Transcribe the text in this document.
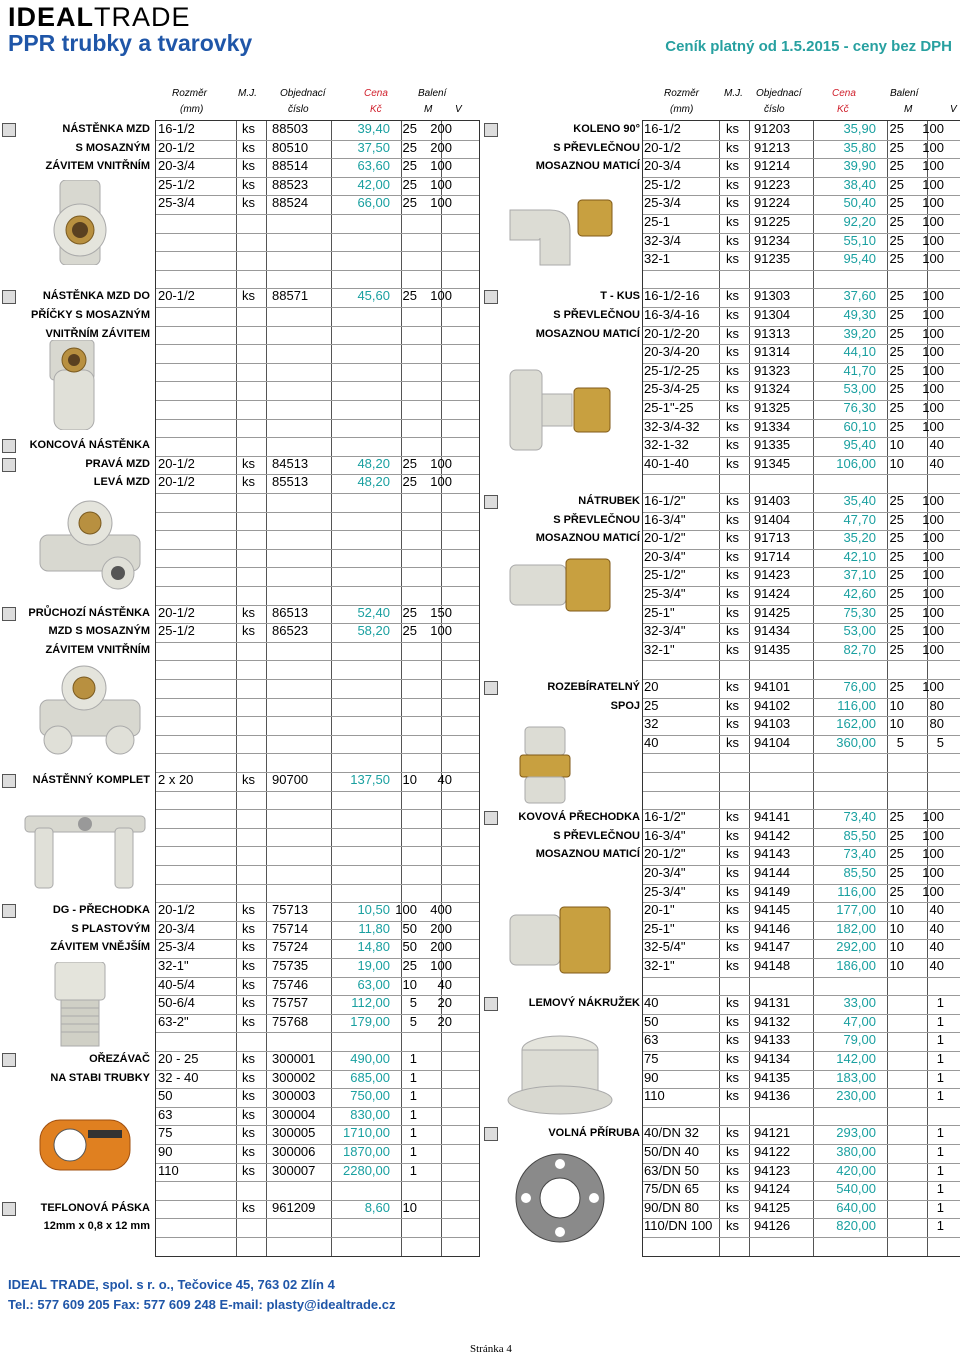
IDEALTRADE
PPR trubky a tvarovky	Ceník platný od 1.5.2015 - ceny bez DPH
Rozměr
(mm)
M.J. Objednací
číslo
Cena
Kč
Balení
M V
Rozměr
(mm)
M.J. Objednací
číslo
Cena
Kč
Balení
M	V
NÁSTĚNKA MZD
S MOSAZNÝM
ZÁVITEM VNITŘNÍM
16-1/2	ks 88503	39,40 25	200
20-1/2	ks 80510	37,50 25	200
20-3/4	ks 88514	63,60 25	100
25-1/2	ks 88523	42,00 25	100
25-3/4	ks 88524	66,00 25	100
NÁSTĚNKA MZD DO
PŘÍČKY S MOSAZNÝM
VNITŘNÍM ZÁVITEM
20-1/2	ks 88571	45,60 25	100
KONCOVÁ NÁSTĚNKA
PRAVÁ MZD
LEVÁ MZD
20-1/2	ks 84513	48,20 25	100
20-1/2	ks 85513	48,20 25	100
PRŮCHOZÍ NÁSTĚNKA
MZD S MOSAZNÝM
ZÁVITEM VNITŘNÍM
20-1/2	ks 86513	52,40 25	150
25-1/2	ks 86523	58,20 25	100
NÁSTĚNNÝ KOMPLET 2 x 20	ks 90700	137,50 10	40
DG - PŘECHODKA
S PLASTOVÝM
ZÁVITEM VNĚJŠÍM
20-1/2	ks 75713	10,50 100	400
20-3/4	ks 75714	11,80 50	200
25-3/4	ks 75724	14,80 50	200
32-1"	ks 75735	19,00 25	100
40-5/4	ks 75746	63,00 10	40
50-6/4	ks 75757	112,00	5	20
63-2"	ks 75768	179,00	5	20
OŘEZÁVAČ
NA STABI TRUBKY
20 - 25	ks 300001	490,00	1
32 - 40	ks 300002	685,00	1
50	ks 300003	750,00	1
63	ks 300004	830,00	1
75	ks 300005	1710,00	1
90	ks 300006	1870,00	1
110	ks 300007	2280,00	1
TEFLONOVÁ PÁSKA
12mm x 0,8 x 12 mm
ks 961209	8,60 10
KOLENO 90°
S PŘEVLEČNOU
MOSAZNOU MATICÍ
16-1/2	ks 91203	35,90	25	100
20-1/2	ks 91213	35,80	25	100
20-3/4	ks 91214	39,90	25	100
25-1/2	ks 91223	38,40	25	100
25-3/4	ks 91224	50,40	25	100
25-1	ks 91225	92,20	25	100
32-3/4	ks 91234	55,10	25	100
32-1	ks 91235	95,40	25	100
T - KUS
S PŘEVLEČNOU
MOSAZNOU MATICÍ
16-1/2-16 ks 91303	37,60	25	100
16-3/4-16 ks 91304	49,30	25	100
20-1/2-20 ks 91313	39,20	25	100
20-3/4-20 ks 91314	44,10	25	100
25-1/2-25 ks 91323	41,70	25	100
25-3/4-25 ks 91324	53,00	25	100
25-1"-25	ks 91325	76,30	25	100
32-3/4-32 ks 91334	60,10	25	100
32-1-32	ks 91335	95,40	10	40
40-1-40	ks 91345	106,00	10	40
NÁTRUBEK
S PŘEVLEČNOU
MOSAZNOU MATICÍ
16-1/2"	ks 91403	35,40	25	100
16-3/4"	ks 91404	47,70	25	100
20-1/2"	ks 91713	35,20	25	100
20-3/4"	ks 91714	42,10	25	100
25-1/2"	ks 91423	37,10	25	100
25-3/4"	ks 91424	42,60	25	100
25-1"	ks 91425	75,30	25	100
32-3/4"	ks 91434	53,00	25	100
32-1"	ks 91435	82,70	25	100
ROZEBÍRATELNÝ
SPOJ
20	ks 94101	76,00	25	100
25	ks 94102	116,00	10	80
32	ks 94103	162,00	10	80
40	ks 94104	360,00	5	5
KOVOVÁ PŘECHODKA
S PŘEVLEČNOU
MOSAZNOU MATICÍ
16-1/2"	ks 94141	73,40	25	100
16-3/4"	ks 94142	85,50	25	100
20-1/2"	ks 94143	73,40	25	100
20-3/4"	ks 94144	85,50	25	100
25-3/4"	ks 94149	116,00	25	100
20-1"	ks 94145	177,00	10	40
25-1"	ks 94146	182,00	10	40
32-5/4"	ks 94147	292,00	10	40
32-1"	ks 94148	186,00	10	40
LEMOVÝ NÁKRUŽEK 40	ks 94131	33,00	1
50	ks 94132	47,00	1
63	ks 94133	79,00	1
75	ks 94134	142,00	1
90	ks 94135	183,00	1
110	ks 94136	230,00	1
VOLNÁ PŘÍRUBA 40/DN 32 ks 94121	293,00	1
50/DN 40 ks 94122	380,00	1
63/DN 50 ks 94123	420,00	1
75/DN 65 ks 94124	540,00	1
90/DN 80 ks 94125	640,00	1
110/DN 100 ks 94126	820,00	1
IDEAL TRADE, spol. s r. o., Tečovice 45, 763 02 Zlín 4
Tel.: 577 609 205 Fax: 577 609 248 E-mail: plasty@idealtrade.cz
Stránka 4
